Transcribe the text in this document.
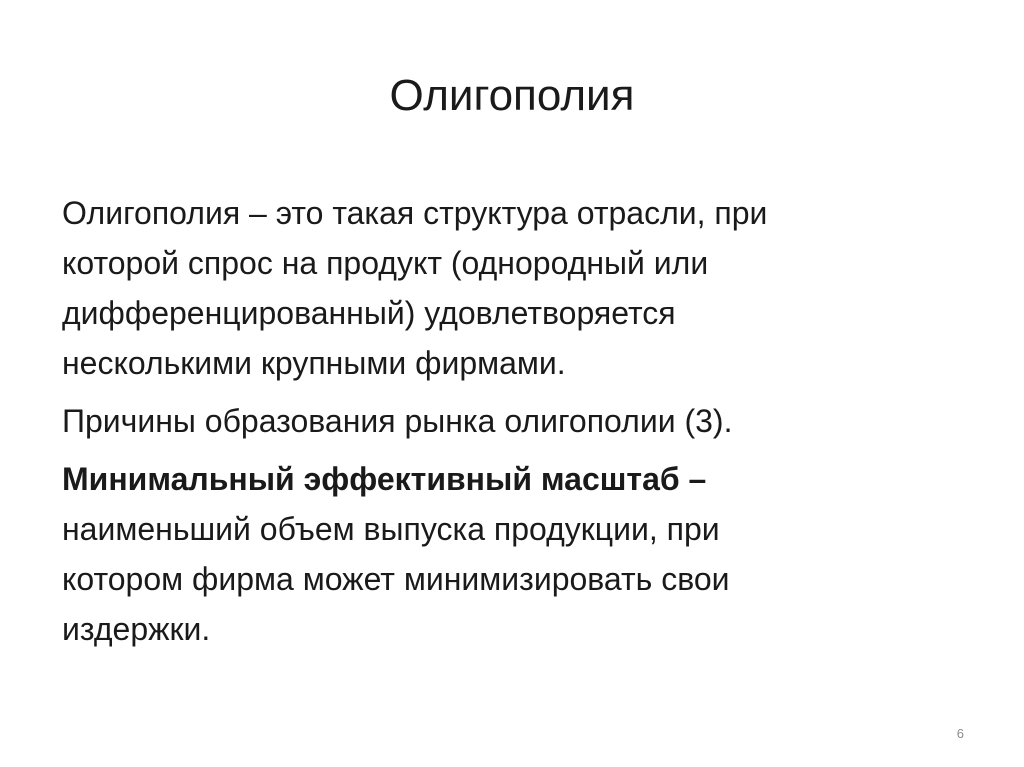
Олигополия

Олигополия – это такая структура отрасли, при
которой спрос на продукт (однородный или
дифференцированный) удовлетворяется
несколькими крупными фирмами.

Причины образования рынка олигополии (3).

Минимальный эффективный масштаб –
наименьший объем выпуска продукции, при
котором фирма может минимизировать свои
издержки.

6
